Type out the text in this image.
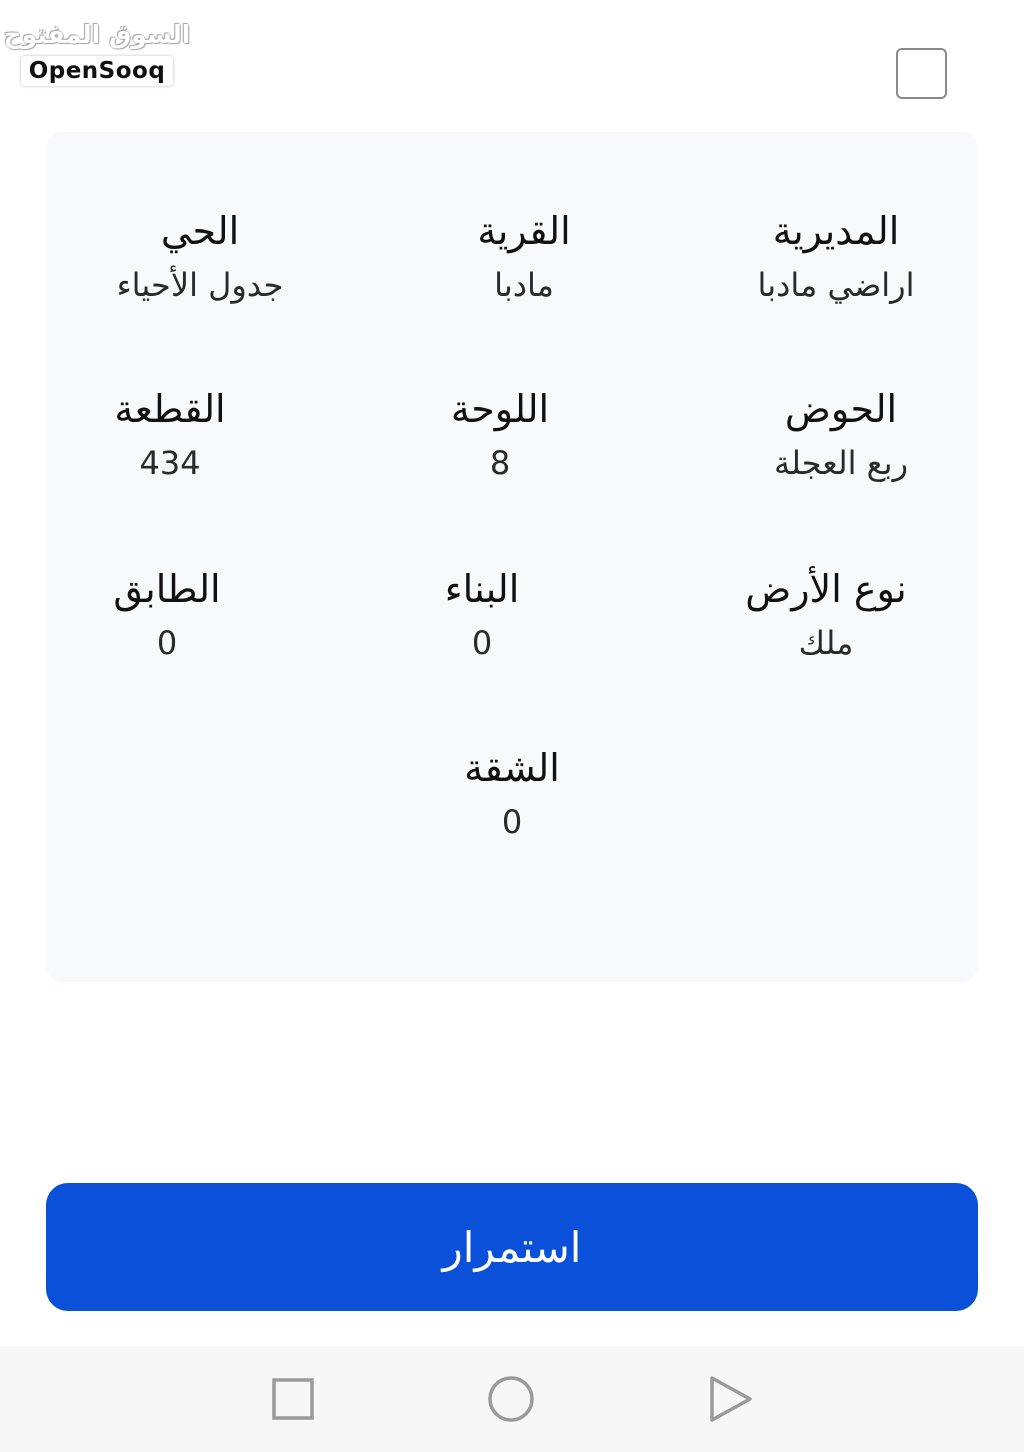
السوق المفتوح
OpenSooq
المديرية
اراضي مادبا
القرية
مادبا
الحي
جدول الأحياء
الحوض
ربع العجلة
اللوحة
8
القطعة
434
نوع الأرض
ملك
البناء
0
الطابق
0
الشقة
0
استمرار
